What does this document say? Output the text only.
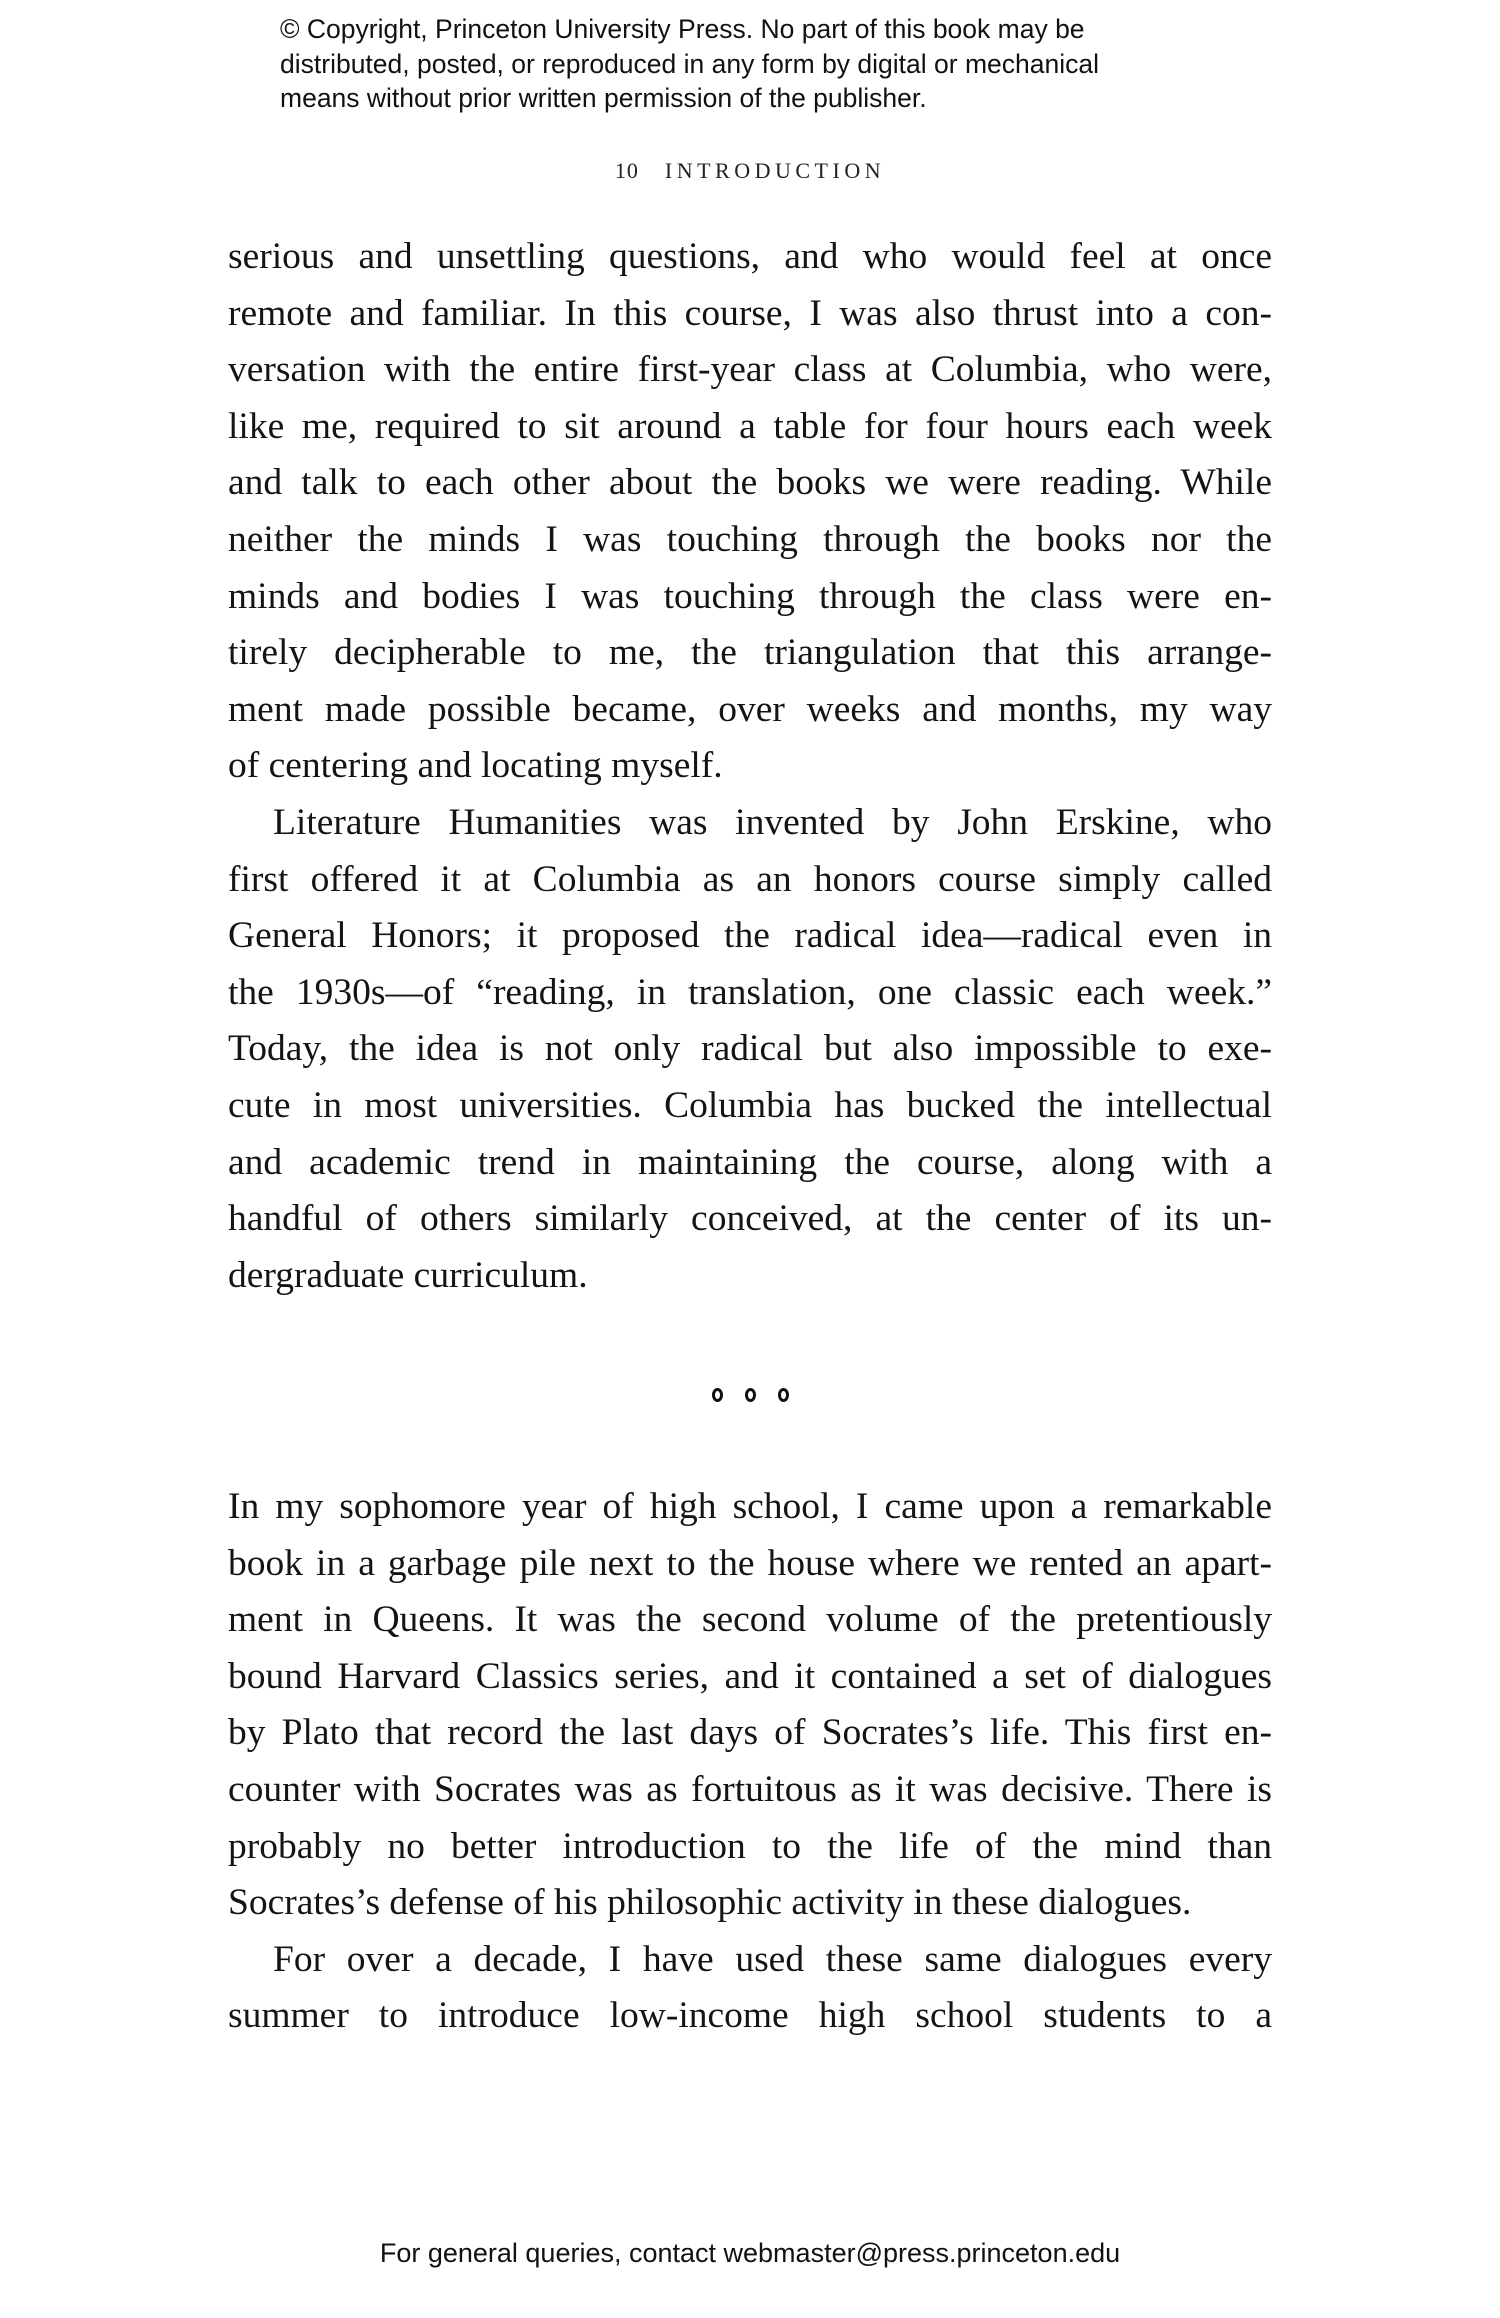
© Copyright, Princeton University Press. No part of this book may be
distributed, posted, or reproduced in any form by digital or mechanical
means without prior written permission of the publisher.
10 INTRODUCTION
serious and unsettling questions, and who would feel at once
remote and familiar. In this course, I was also thrust into a con-
versation with the entire first-year class at Columbia, who were,
like me, required to sit around a table for four hours each week
and talk to each other about the books we were reading. While
neither the minds I was touching through the books nor the
minds and bodies I was touching through the class were en-
tirely decipherable to me, the triangulation that this arrange-
ment made possible became, over weeks and months, my way
of centering and locating myself.
Literature Humanities was invented by John Erskine, who
first offered it at Columbia as an honors course simply called
General Honors; it proposed the radical idea—radical even in
the 1930s—of “reading, in translation, one classic each week.”
Today, the idea is not only radical but also impossible to exe-
cute in most universities. Columbia has bucked the intellectual
and academic trend in maintaining the course, along with a
handful of others similarly conceived, at the center of its un-
dergraduate curriculum.
In my sophomore year of high school, I came upon a remarkable
book in a garbage pile next to the house where we rented an apart-
ment in Queens. It was the second volume of the pretentiously
bound Harvard Classics series, and it contained a set of dialogues
by Plato that record the last days of Socrates’s life. This first en-
counter with Socrates was as fortuitous as it was decisive. There is
probably no better introduction to the life of the mind than
Socrates’s defense of his philosophic activity in these dialogues.
For over a decade, I have used these same dialogues every
summer to introduce low-income high school students to a
For general queries, contact webmaster@press.princeton.edu
